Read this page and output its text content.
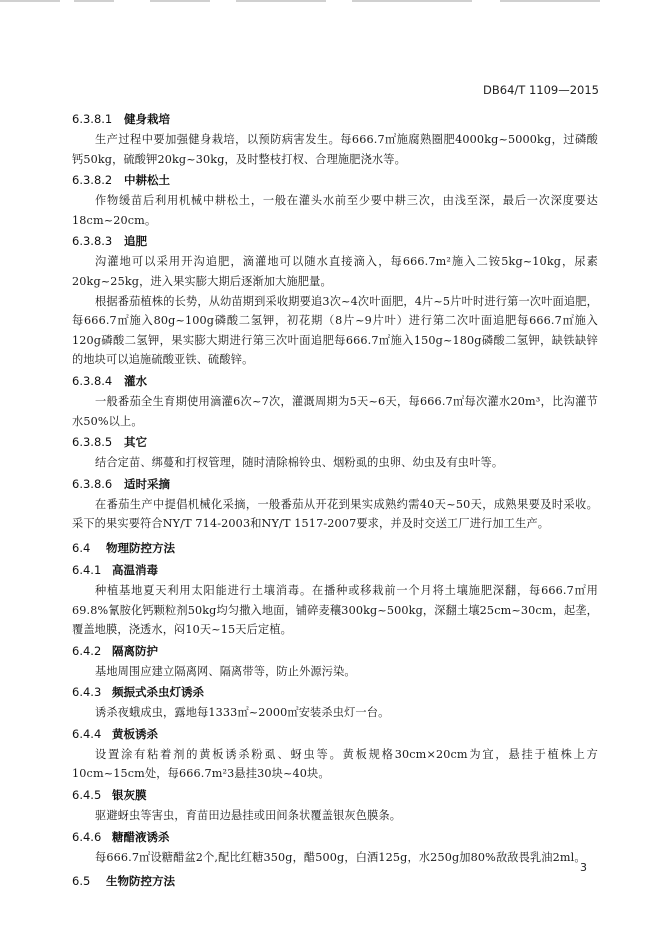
DB64/T 1109—2015
6.3.8.1 健身栽培

生产过程中要加强健身栽培，以预防病害发生。每666.7㎡施腐熟圈肥4000kg~5000kg，过磷酸钙50kg，硫酸钾20kg~30kg，及时整枝打杈、合理施肥浇水等。

6.3.8.2 中耕松土

作物缓苗后利用机械中耕松土，一般在灌头水前至少要中耕三次，由浅至深，最后一次深度要达18cm~20cm。

6.3.8.3 追肥

沟灌地可以采用开沟追肥，滴灌地可以随水直接滴入，每666.7m²施入二铵5kg~10kg，尿素20kg~25kg，进入果实膨大期后逐渐加大施肥量。

根据番茄植株的长势，从幼苗期到采收期要追3次~4次叶面肥，4片~5片叶时进行第一次叶面追肥，每666.7㎡施入80g~100g磷酸二氢钾，初花期（8片~9片叶）进行第二次叶面追肥每666.7㎡施入120g磷酸二氢钾，果实膨大期进行第三次叶面追肥每666.7㎡施入150g~180g磷酸二氢钾，缺铁缺锌的地块可以追施硫酸亚铁、硫酸锌。

6.3.8.4 灌水

一般番茄全生育期使用滴灌6次~7次，灌溉周期为5天~6天，每666.7㎡每次灌水20m³，比沟灌节水50%以上。

6.3.8.5 其它

结合定苗、绑蔓和打杈管理，随时清除棉铃虫、烟粉虱的虫卵、幼虫及有虫叶等。

6.3.8.6 适时采摘

在番茄生产中提倡机械化采摘，一般番茄从开花到果实成熟约需40天~50天，成熟果要及时采收。采下的果实要符合NY/T 714-2003和NY/T 1517-2007要求，并及时交送工厂进行加工生产。

6.4 物理防控方法
6.4.1 高温消毒

种植基地夏天利用太阳能进行土壤消毒。在播种或移栽前一个月将土壤施肥深翻，每666.7㎡用69.8%氰胺化钙颗粒剂50kg均匀撒入地面，铺碎麦穰300kg~500kg，深翻土壤25cm~30cm，起垄，覆盖地膜，浇透水，闷10天~15天后定植。

6.4.2 隔离防护

基地周围应建立隔离网、隔离带等，防止外源污染。

6.4.3 频振式杀虫灯诱杀

诱杀夜蛾成虫，露地每1333㎡~2000㎡安装杀虫灯一台。

6.4.4 黄板诱杀

设置涂有粘着剂的黄板诱杀粉虱、蚜虫等。黄板规格30cm×20cm为宜，悬挂于植株上方10cm~15cm处，每666.7m²3悬挂30块~40块。

6.4.5 银灰膜

驱避蚜虫等害虫，育苗田边悬挂或田间条状覆盖银灰色膜条。

6.4.6 糖醋液诱杀

每666.7㎡设糖醋盆2个,配比红糖350g，醋500g，白酒125g，水250g加80%敌敌畏乳油2ml。

6.5 生物防控方法
3
